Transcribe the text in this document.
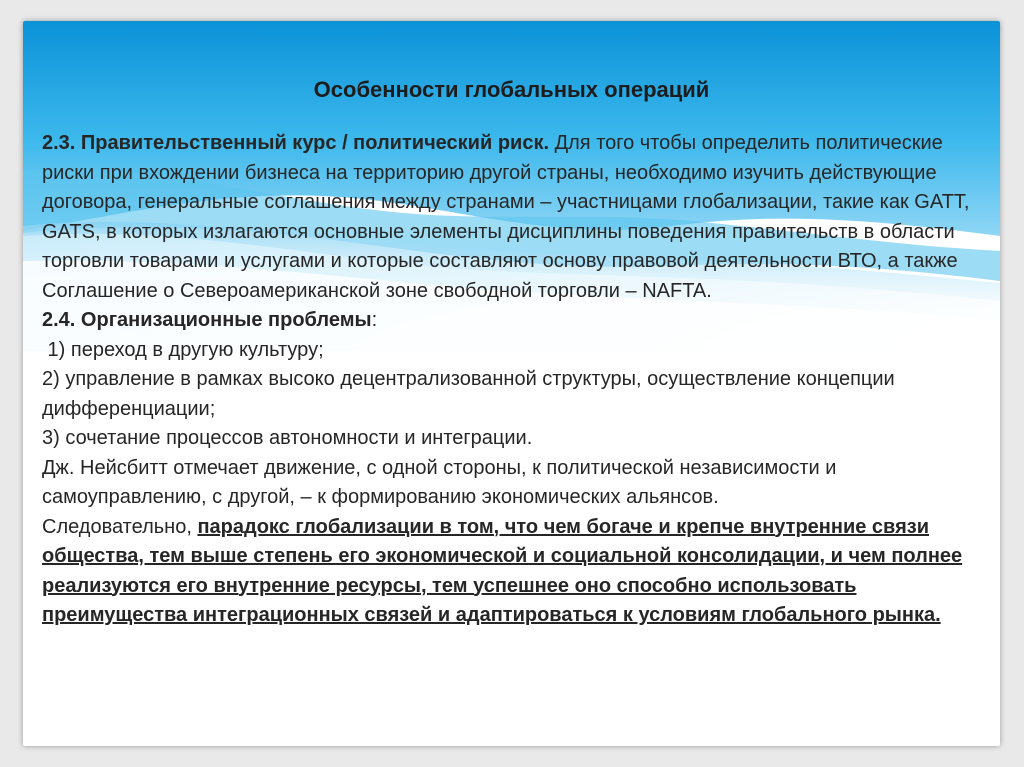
Особенности глобальных операций

2.3. Правительственный курс / политический риск. Для того чтобы определить политические риски при вхождении бизнеса на территорию другой страны, необходимо изучить действующие договора, генеральные соглашения между странами – участницами глобализации, такие как GATT, GATS, в которых излагаются основные элементы дисциплины поведения правительств в области торговли товарами и услугами и которые составляют основу правовой деятельности ВТО, а также Соглашение о Североамериканской зоне свободной торговли – NAFTA.

2.4. Организационные проблемы:

1) переход в другую культуру;

2) управление в рамках высоко децентрализованной структуры, осуществление концепции дифференциации;

3) сочетание процессов автономности и интеграции.

Дж. Нейсбитт отмечает движение, с одной стороны, к политической независимости и самоуправлению, с другой, – к формированию экономических альянсов.

Следовательно, парадокс глобализации в том, что чем богаче и крепче внутренние связи общества, тем выше степень его экономической и социальной консолидации, и чем полнее реализуются его внутренние ресурсы, тем успешнее оно способно использовать преимущества интеграционных связей и адаптироваться к условиям глобального рынка.
